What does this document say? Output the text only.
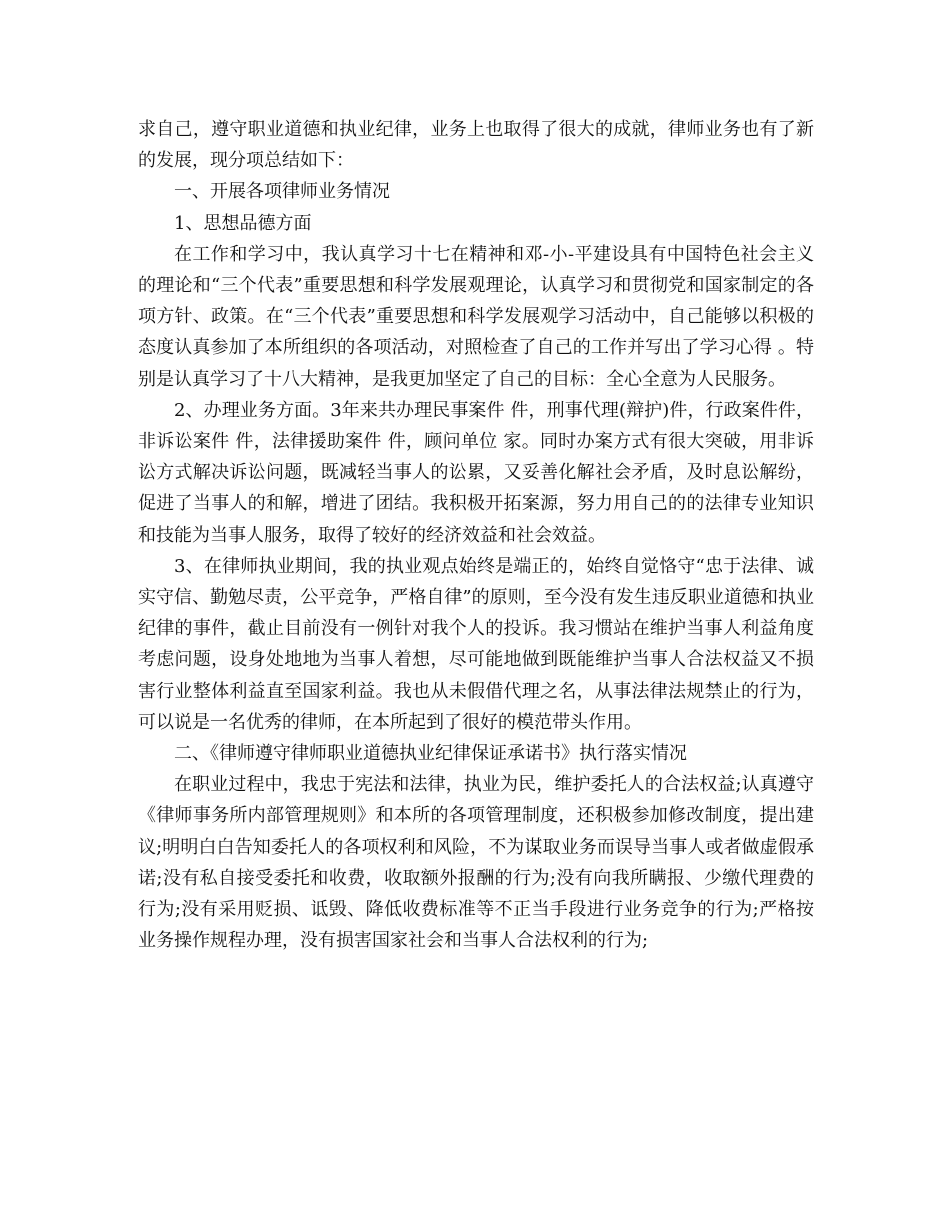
求自己，遵守职业道德和执业纪律，业务上也取得了很大的成就，律师业务也有了新的发展，现分项总结如下：

一、开展各项律师业务情况

1、思想品德方面

在工作和学习中，我认真学习十七在精神和邓-小-平建设具有中国特色社会主义的理论和“三个代表”重要思想和科学发展观理论，认真学习和贯彻党和国家制定的各项方针、政策。在“三个代表”重要思想和科学发展观学习活动中，自己能够以积极的态度认真参加了本所组织的各项活动，对照检查了自己的工作并写出了学习心得 。特别是认真学习了十八大精神，是我更加坚定了自己的目标：全心全意为人民服务。

2、办理业务方面。3年来共办理民事案件 件，刑事代理(辩护)件，行政案件件，非诉讼案件 件，法律援助案件 件，顾问单位 家。同时办案方式有很大突破，用非诉讼方式解决诉讼问题，既减轻当事人的讼累，又妥善化解社会矛盾，及时息讼解纷，促进了当事人的和解，增进了团结。我积极开拓案源，努力用自己的的法律专业知识和技能为当事人服务，取得了较好的经济效益和社会效益。

3、在律师执业期间，我的执业观点始终是端正的，始终自觉恪守“忠于法律、诚实守信、勤勉尽责，公平竞争，严格自律”的原则，至今没有发生违反职业道德和执业纪律的事件，截止目前没有一例针对我个人的投诉。我习惯站在维护当事人利益角度考虑问题，设身处地地为当事人着想，尽可能地做到既能维护当事人合法权益又不损害行业整体利益直至国家利益。我也从未假借代理之名，从事法律法规禁止的行为，可以说是一名优秀的律师，在本所起到了很好的模范带头作用。

二、《律师遵守律师职业道德执业纪律保证承诺书》执行落实情况

在职业过程中，我忠于宪法和法律，执业为民，维护委托人的合法权益;认真遵守《律师事务所内部管理规则》和本所的各项管理制度，还积极参加修改制度，提出建议;明明白白告知委托人的各项权利和风险，不为谋取业务而误导当事人或者做虚假承诺;没有私自接受委托和收费，收取额外报酬的行为;没有向我所瞒报、少缴代理费的行为;没有采用贬损、诋毁、降低收费标准等不正当手段进行业务竞争的行为;严格按业务操作规程办理，没有损害国家社会和当事人合法权利的行为;
